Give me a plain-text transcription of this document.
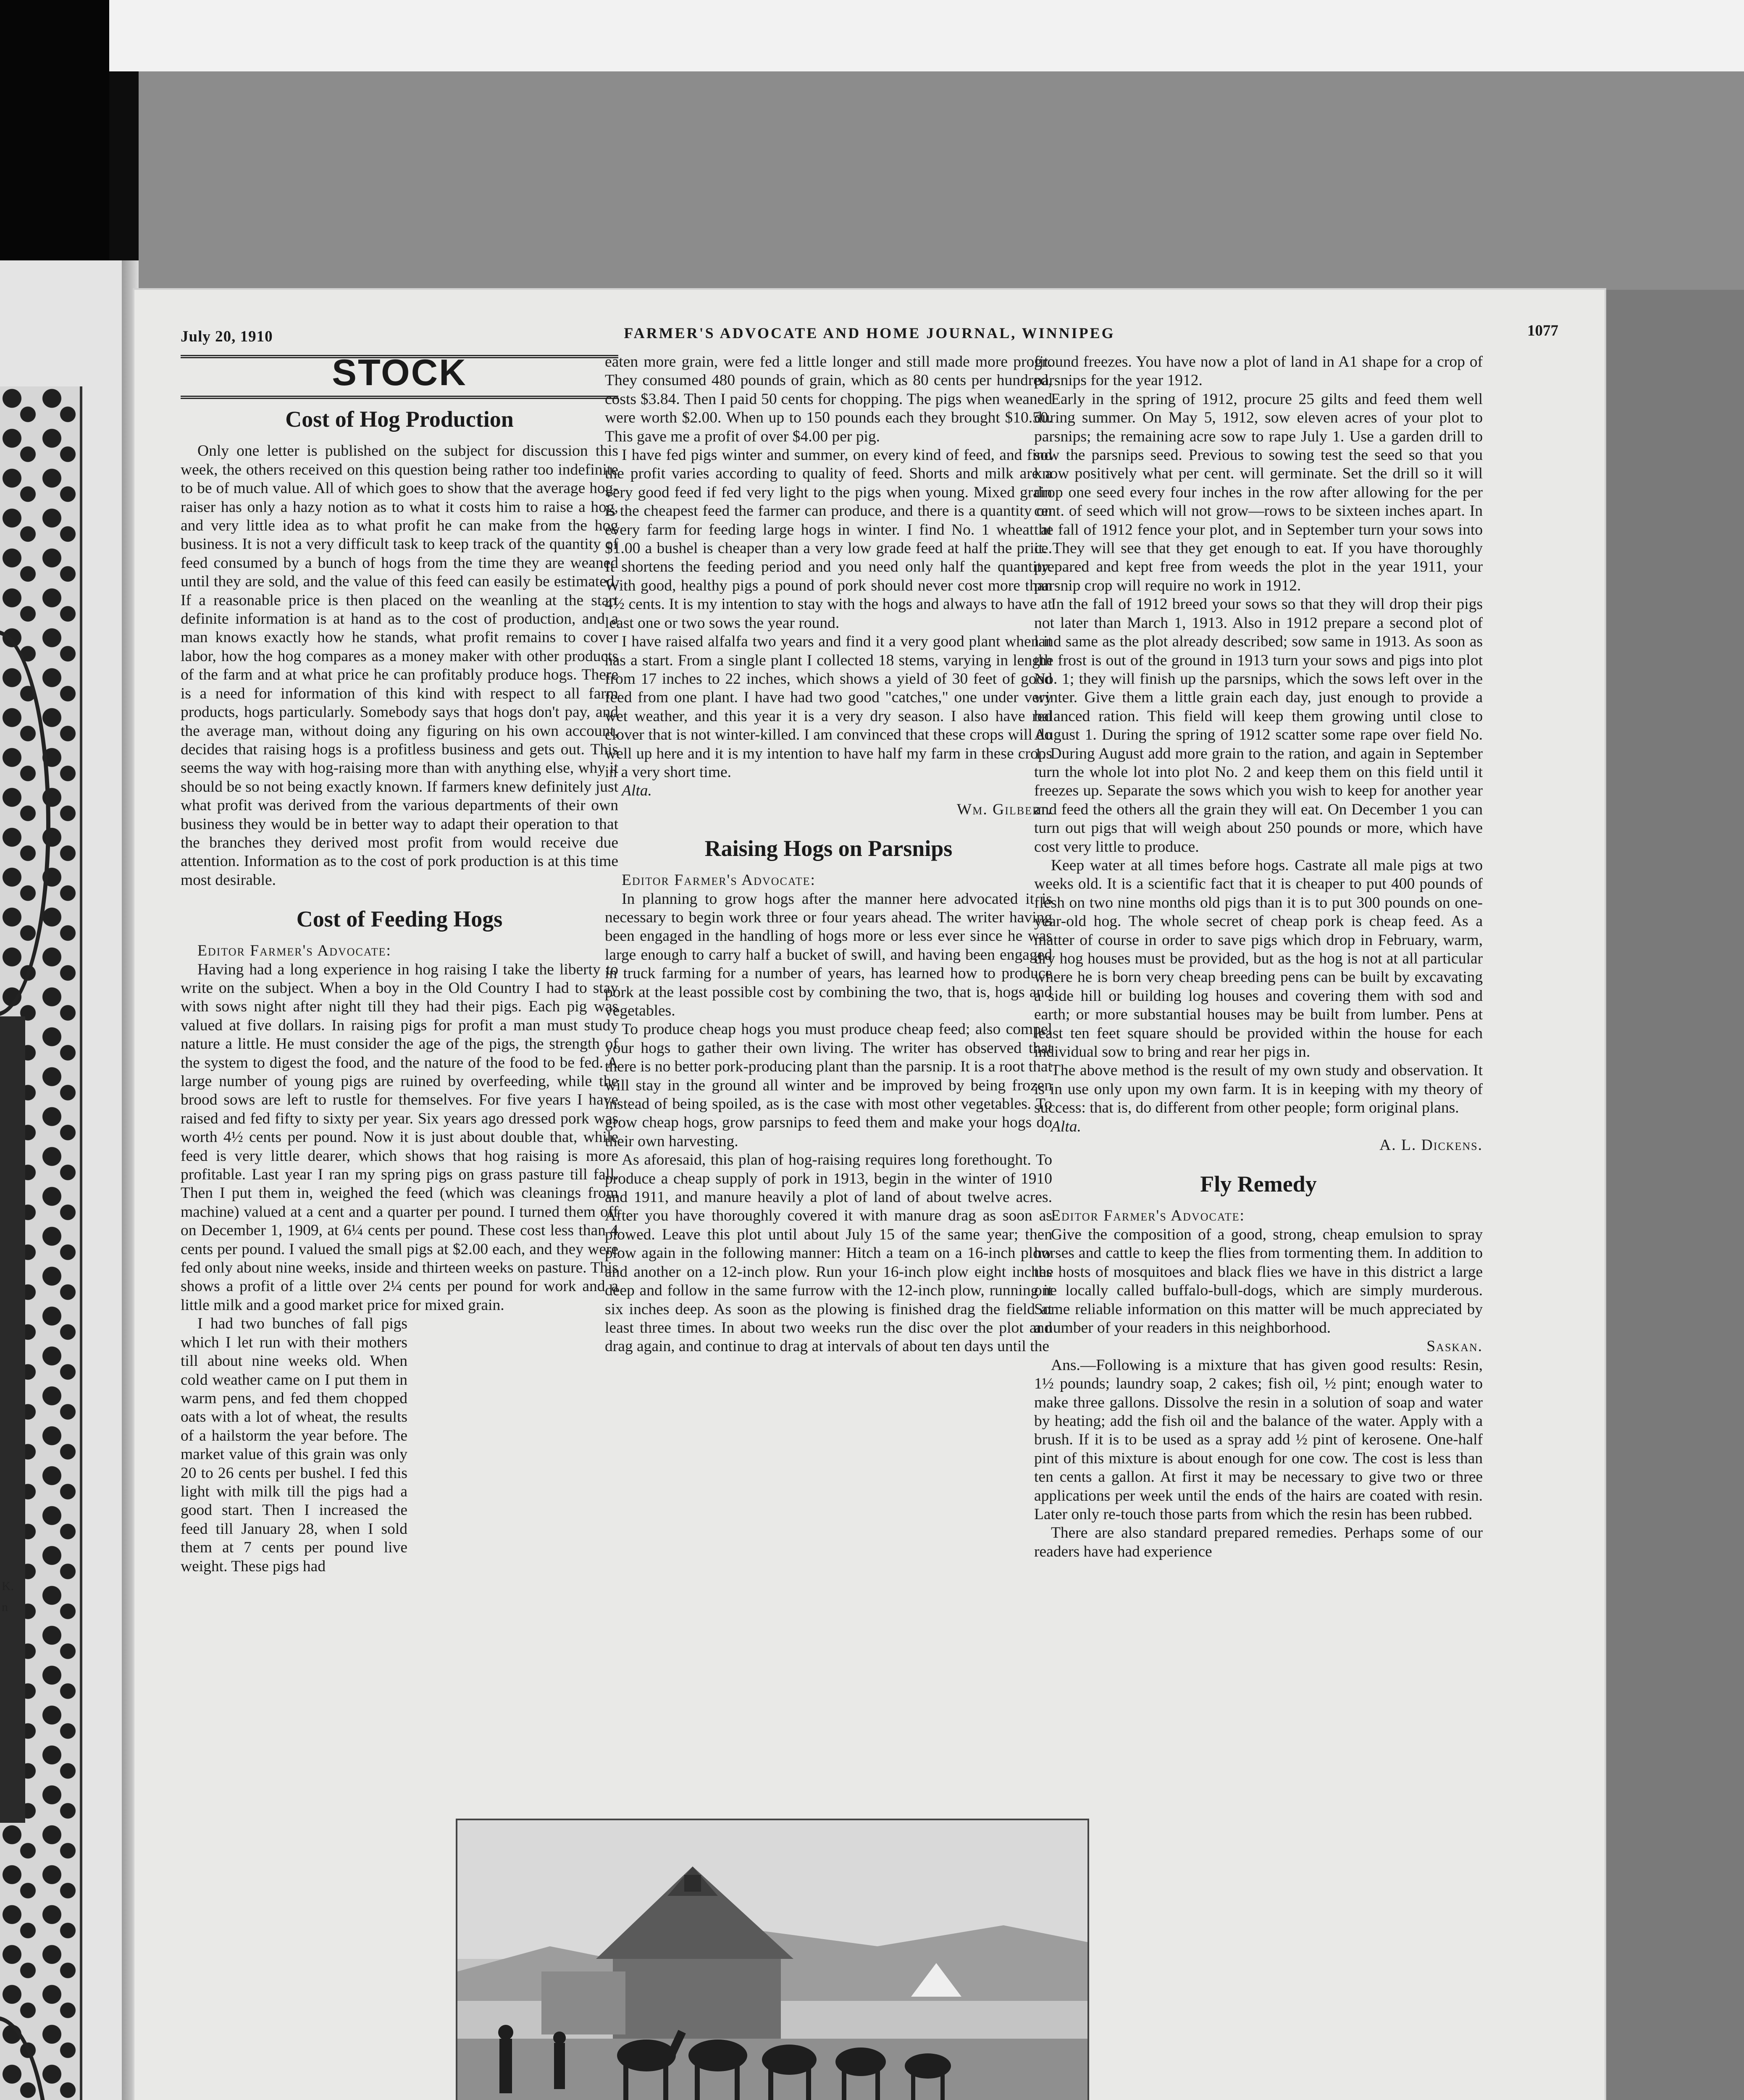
K.
n
July 20, 1910	FARMER'S ADVOCATE AND HOME JOURNAL, WINNIPEG	1077
STOCK
Cost of Hog Production

Only one letter is published on the subject for discussion this week, the others received on this question being rather too indefinite to be of much value. All of which goes to show that the average hog-raiser has only a hazy notion as to what it costs him to raise a hog, and very little idea as to what profit he can make from the hog business. It is not a very difficult task to keep track of the quantity of feed consumed by a bunch of hogs from the time they are weaned until they are sold, and the value of this feed can easily be estimated. If a reasonable price is then placed on the weanling at the start definite information is at hand as to the cost of production, and a man knows exactly how he stands, what profit remains to cover labor, how the hog compares as a money maker with other products of the farm and at what price he can profitably produce hogs. There is a need for information of this kind with respect to all farm products, hogs particularly. Somebody says that hogs don't pay, and the average man, without doing any figuring on his own account, decides that raising hogs is a profitless business and gets out. This seems the way with hog-raising more than with anything else, why it should be so not being exactly known. If farmers knew definitely just what profit was derived from the various departments of their own business they would be in better way to adapt their operation to that the branches they derived most profit from would receive due attention. Information as to the cost of pork production is at this time most desirable.

Cost of Feeding Hogs

Editor Farmer's Advocate:

Having had a long experience in hog raising I take the liberty to write on the subject. When a boy in the Old Country I had to stay with sows night after night till they had their pigs. Each pig was valued at five dollars. In raising pigs for profit a man must study nature a little. He must consider the age of the pigs, the strength of the system to digest the food, and the nature of the food to be fed. A large number of young pigs are ruined by overfeeding, while the brood sows are left to rustle for themselves. For five years I have raised and fed fifty to sixty per year. Six years ago dressed pork was worth 4½ cents per pound. Now it is just about double that, while feed is very little dearer, which shows that hog raising is more profitable. Last year I ran my spring pigs on grass pasture till fall. Then I put them in, weighed the feed (which was cleanings from machine) valued at a cent and a quarter per pound. I turned them off on December 1, 1909, at 6¼ cents per pound. These cost less than 4 cents per pound. I valued the small pigs at $2.00 each, and they were fed only about nine weeks, inside and thirteen weeks on pasture. This shows a profit of a little over 2¼ cents per pound for work and a little milk and a good market price for mixed grain.

I had two bunches of fall pigs which I let run with their mothers till about nine weeks old. When cold weather came on I put them in warm pens, and fed them chopped oats with a lot of wheat, the results of a hailstorm the year before. The market value of this grain was only 20 to 26 cents per bushel. I fed this light with milk till the pigs had a good start. Then I increased the feed till January 28, when I sold them at 7 cents per pound live weight. These pigs had

eaten more grain, were fed a little longer and still made more profit. They consumed 480 pounds of grain, which as 80 cents per hundred, costs $3.84. Then I paid 50 cents for chopping. The pigs when weaned were worth $2.00. When up to 150 pounds each they brought $10.50. This gave me a profit of over $4.00 per pig.

I have fed pigs winter and summer, on every kind of feed, and find the profit varies according to quality of feed. Shorts and milk are a very good feed if fed very light to the pigs when young. Mixed grain is the cheapest feed the farmer can produce, and there is a quantity on every farm for feeding large hogs in winter. I find No. 1 wheat at $1.00 a bushel is cheaper than a very low grade feed at half the price. It shortens the feeding period and you need only half the quantity. With good, healthy pigs a pound of pork should never cost more than 4½ cents. It is my intention to stay with the hogs and always to have at least one or two sows the year round.

I have raised alfalfa two years and find it a very good plant when it has a start. From a single plant I collected 18 stems, varying in length from 17 inches to 22 inches, which shows a yield of 30 feet of good feed from one plant. I have had two good "catches," one under very wet weather, and this year it is a very dry season. I also have red clover that is not winter-killed. I am convinced that these crops will do well up here and it is my intention to have half my farm in these crops in a very short time.

Alta.

Wm. Gilbert.

Raising Hogs on Parsnips

Editor Farmer's Advocate:

In planning to grow hogs after the manner here advocated it is necessary to begin work three or four years ahead. The writer having been engaged in the handling of hogs more or less ever since he was large enough to carry half a bucket of swill, and having been engaged in truck farming for a number of years, has learned how to produce pork at the least possible cost by combining the two, that is, hogs and vegetables.

To produce cheap hogs you must produce cheap feed; also compel your hogs to gather their own living. The writer has observed that there is no better pork-producing plant than the parsnip. It is a root that will stay in the ground all winter and be improved by being frozen instead of being spoiled, as is the case with most other vegetables. To grow cheap hogs, grow parsnips to feed them and make your hogs do their own harvesting.

As aforesaid, this plan of hog-raising requires long forethought. To produce a cheap supply of pork in 1913, begin in the winter of 1910 and 1911, and manure heavily a plot of land of about twelve acres. After you have thoroughly covered it with manure drag as soon as plowed. Leave this plot until about July 15 of the same year; then plow again in the following manner: Hitch a team on a 16-inch plow and another on a 12-inch plow. Run your 16-inch plow eight inches deep and follow in the same furrow with the 12-inch plow, running it six inches deep. As soon as the plowing is finished drag the field at least three times. In about two weeks run the disc over the plot and drag again, and continue to drag at intervals of about ten days until the

ground freezes. You have now a plot of land in A1 shape for a crop of parsnips for the year 1912.

Early in the spring of 1912, procure 25 gilts and feed them well during summer. On May 5, 1912, sow eleven acres of your plot to parsnips; the remaining acre sow to rape July 1. Use a garden drill to sow the parsnips seed. Previous to sowing test the seed so that you know positively what per cent. will germinate. Set the drill so it will drop one seed every four inches in the row after allowing for the per cent. of seed which will not grow—rows to be sixteen inches apart. In the fall of 1912 fence your plot, and in September turn your sows into it. They will see that they get enough to eat. If you have thoroughly prepared and kept free from weeds the plot in the year 1911, your parsnip crop will require no work in 1912.

In the fall of 1912 breed your sows so that they will drop their pigs not later than March 1, 1913. Also in 1912 prepare a second plot of land same as the plot already described; sow same in 1913. As soon as the frost is out of the ground in 1913 turn your sows and pigs into plot No. 1; they will finish up the parsnips, which the sows left over in the winter. Give them a little grain each day, just enough to provide a balanced ration. This field will keep them growing until close to August 1. During the spring of 1912 scatter some rape over field No. 1. During August add more grain to the ration, and again in September turn the whole lot into plot No. 2 and keep them on this field until it freezes up. Separate the sows which you wish to keep for another year and feed the others all the grain they will eat. On December 1 you can turn out pigs that will weigh about 250 pounds or more, which have cost very little to produce.

Keep water at all times before hogs. Castrate all male pigs at two weeks old. It is a scientific fact that it is cheaper to put 400 pounds of flesh on two nine months old pigs than it is to put 300 pounds on one-year-old hog. The whole secret of cheap pork is cheap feed. As a matter of course in order to save pigs which drop in February, warm, dry hog houses must be provided, but as the hog is not at all particular where he is born very cheap breeding pens can be built by excavating a side hill or building log houses and covering them with sod and earth; or more substantial houses may be built from lumber. Pens at least ten feet square should be provided within the house for each individual sow to bring and rear her pigs in.

The above method is the result of my own study and observation. It is in use only upon my own farm. It is in keeping with my theory of success: that is, do different from other people; form original plans.

Alta.

A. L. Dickens.

Fly Remedy

Editor Farmer's Advocate:

Give the composition of a good, strong, cheap emulsion to spray horses and cattle to keep the flies from tormenting them. In addition to the hosts of mosquitoes and black flies we have in this district a large one locally called buffalo-bull-dogs, which are simply murderous. Some reliable information on this matter will be much appreciated by a number of your readers in this neighborhood.

Saskan.

Ans.—Following is a mixture that has given good results: Resin, 1½ pounds; laundry soap, 2 cakes; fish oil, ½ pint; enough water to make three gallons. Dissolve the resin in a solution of soap and water by heating; add the fish oil and the balance of the water. Apply with a brush. If it is to be used as a spray add ½ pint of kerosene. One-half pint of this mixture is about enough for one cow. The cost is less than ten cents a gallon. At first it may be necessary to give two or three applications per week until the ends of the hairs are coated with resin. Later only re-touch those parts from which the resin has been rubbed.

There are also standard prepared remedies. Perhaps some of our readers have had experience
